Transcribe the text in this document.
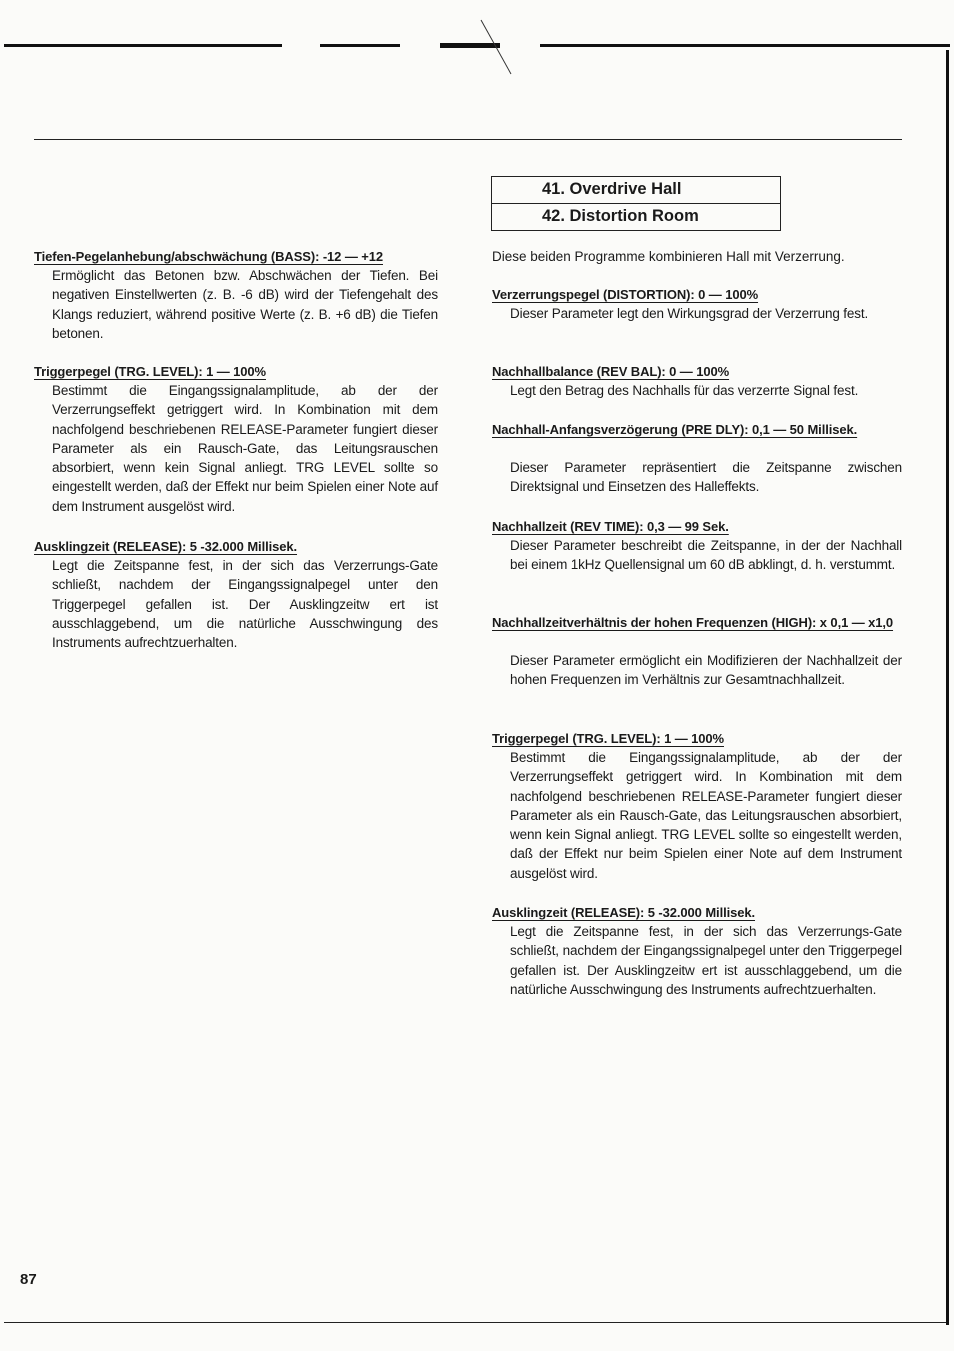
41. Overdrive Hall
42. Distortion Room
Tiefen-Pegelanhebung/abschwächung (BASS): -12 — +12
Ermöglicht das Betonen bzw. Abschwächen der Tiefen. Bei negativen Einstellwerten (z. B. -6 dB) wird der Tiefengehalt des Klangs reduziert, während positive Werte (z. B. +6 dB) die Tiefen betonen.
Triggerpegel (TRG. LEVEL): 1 — 100%
Bestimmt die Eingangssignalamplitude, ab der der Verzerrungseffekt getriggert wird. In Kombination mit dem nachfolgend beschriebenen RELEASE-Parameter fungiert dieser Parameter als ein Rausch-Gate, das Leitungsrauschen absorbiert, wenn kein Signal anliegt. TRG LEVEL sollte so eingestellt werden, daß der Effekt nur beim Spielen einer Note auf dem Instrument ausgelöst wird.
Ausklingzeit (RELEASE): 5 -32.000 Millisek.
Legt die Zeitspanne fest, in der sich das Verzerrungs-Gate schließt, nachdem der Eingangssignalpegel unter den Triggerpegel gefallen ist. Der Ausklingzeitw ert ist ausschlaggebend, um die natürliche Ausschwingung des Instruments aufrechtzuerhalten.
Diese beiden Programme kombinieren Hall mit Verzerrung.
Verzerrungspegel (DISTORTION): 0 — 100%
Dieser Parameter legt den Wirkungsgrad der Verzerrung fest.
Nachhallbalance (REV BAL): 0 — 100%
Legt den Betrag des Nachhalls für das verzerrte Signal fest.
Nachhall-Anfangsverzögerung (PRE DLY): 0,1 — 50 Millisek.
Dieser Parameter repräsentiert die Zeitspanne zwischen Direktsignal und Einsetzen des Halleffekts.
Nachhallzeit (REV TIME): 0,3 — 99 Sek.
Dieser Parameter beschreibt die Zeitspanne, in der der Nachhall bei einem 1kHz Quellensignal um 60 dB abklingt, d. h. verstummt.
Nachhallzeitverhältnis der hohen Frequenzen (HIGH): x 0,1 — x1,0
Dieser Parameter ermöglicht ein Modifizieren der Nachhallzeit der hohen Frequenzen im Verhältnis zur Gesamtnachhallzeit.
Triggerpegel (TRG. LEVEL): 1 — 100%
Bestimmt die Eingangssignalamplitude, ab der der Verzerrungseffekt getriggert wird. In Kombination mit dem nachfolgend beschriebenen RELEASE-Parameter fungiert dieser Parameter als ein Rausch-Gate, das Leitungsrauschen absorbiert, wenn kein Signal anliegt. TRG LEVEL sollte so eingestellt werden, daß der Effekt nur beim Spielen einer Note auf dem Instrument ausgelöst wird.
Ausklingzeit (RELEASE): 5 -32.000 Millisek.
Legt die Zeitspanne fest, in der sich das Verzerrungs-Gate schließt, nachdem der Eingangssignalpegel unter den Triggerpegel gefallen ist. Der Ausklingzeitw ert ist ausschlaggebend, um die natürliche Ausschwingung des Instruments aufrechtzuerhalten.
87
